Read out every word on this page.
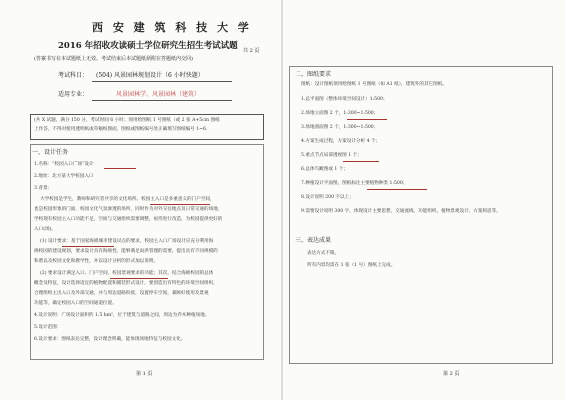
西 安 建 筑 科 技 大 学
2016 年招收攻读硕士学位研究生招生考试试题 共 2 页
(答案书写在本试题纸上无效。考试结束后本试题纸须附在答题纸内交回)
考试科目： (504) 风景园林规划设计（6 小时快题）
适用专业：	风景园林学、风景园林（建筑）
(共 X 试题，满分 150 分，考试时间 6 小时；须用绘图纸 1 号图纸（或 2 张 A+5cm 图纸
上作答，不得对使用透明纸或草稿纸图面，图纸或图纸编号处正确填写图纸编号 1~6.
一、设计任务
1.名称：“校园入口广场”设计
2.地址：北方某大学校园入口
3.背景：
大学校园是学生，教师和研究者共享的文化场所。校园主入口是多重意义的门户空间，
也是校园形象的门面，校园文化气氛渗透的场所，同时作为对外交往地点及日常交通的场地，
学校现有校园主入口功能不足，空间与交通组织需要调整，亟待进行改造，为校园提供更好的
入口(场)。
(1) 设计要求：基于国家海绵城市建设试点的要求，校园主入口广场设计应充分利用海
绵校园的建设规划，要求设计具有海绵性、能够满足雨洪管理的需要，提出具有不同规模的
和谐以及校园文化和教学性，并以设计分析的形式加以说明。
(2) 要求设计满足入口、门户空间，校园景观要求的功能；其次，结合海绵校园的总体
概念及特征，设计选择适宜的植物配置和铺装形式设计，要创造出有特色的环境空间组织，
合理组织主出入口及外部交通，并与周边道路衔接，设置停车空间，兼顾好使用及景观
功能等，确定校园入口的空间通道位置。
4.设计说明：广场设计面积约 1.5 hm²，位于建筑与道路之间，周边为乔木种植场地。
5.设计范围：
6.设计要求：图纸表达完整，设计理念明确，能体现场地特征与校园文化。
第 1 页
二、图纸要求
图纸：设计图纸须用绘图纸 1 号图纸（如 A1 纸），建筑外的其它图纸。
1.总平面图（整体环境空间设计）1:500；
2.场地立面图 2 个，1:300~1:500；
3.场地剖面图 2 个，1:300~1:500；
4.方案生成过程，方案设计分析 4 个；
5.重点节点局部透视图 1 个；
6.总体鸟瞰图或 1 个；
7.种植设计平面图，图纸标注主要植物种类 1:500；
8.设计说明 200 字以上；
9.需要设计说明 300 字，体现设计主要思想，交通流线、功能组织、植物景观设计、方案构思等。
三、表达成果
表达方式不限。
所有内容均需在 1 张（1 号）图纸上完成。
第 2 页
